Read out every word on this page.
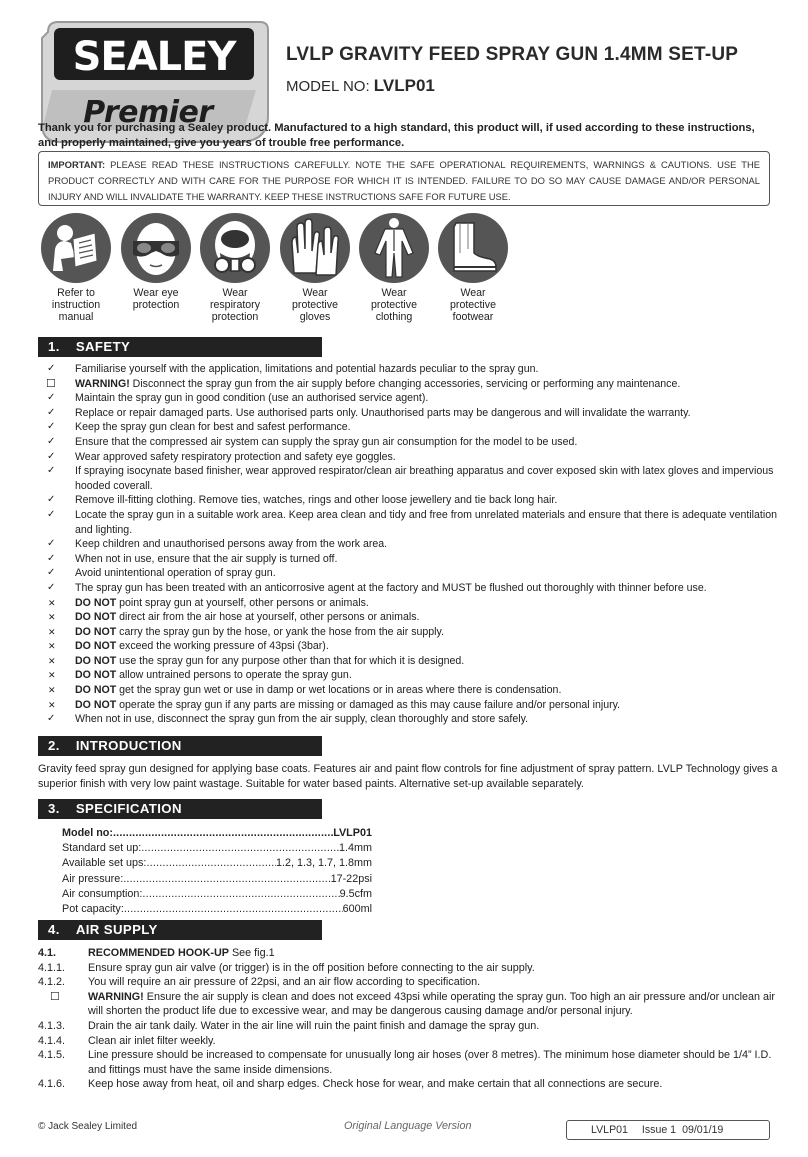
SEALEY
Premier
LVLP GRAVITY FEED SPRAY GUN 1.4MM SET-UP
MODEL NO: LVLP01
Thank you for purchasing a Sealey product. Manufactured to a high standard, this product will, if used according to these instructions, and properly maintained, give you years of trouble free performance.
IMPORTANT: PLEASE READ THESE INSTRUCTIONS CAREFULLY. NOTE THE SAFE OPERATIONAL REQUIREMENTS, WARNINGS & CAUTIONS. USE THE PRODUCT CORRECTLY AND WITH CARE FOR THE PURPOSE FOR WHICH IT IS INTENDED. FAILURE TO DO SO MAY CAUSE DAMAGE AND/OR PERSONAL INJURY AND WILL INVALIDATE THE WARRANTY. KEEP THESE INSTRUCTIONS SAFE FOR FUTURE USE.
Refer to instruction manual
Wear eye protection
Wear respiratory protection
Wear protective gloves
Wear protective clothing
Wear protective footwear
1. SAFETY
✓	Familiarise yourself with the application, limitations and potential hazards peculiar to the spray gun.
☐	WARNING! Disconnect the spray gun from the air supply before changing accessories, servicing or performing any maintenance.
✓	Maintain the spray gun in good condition (use an authorised service agent).
✓	Replace or repair damaged parts. Use authorised parts only. Unauthorised parts may be dangerous and will invalidate the warranty.
✓	Keep the spray gun clean for best and safest performance.
✓	Ensure that the compressed air system can supply the spray gun air consumption for the model to be used.
✓	Wear approved safety respiratory protection and safety eye goggles.
✓	If spraying isocynate based finisher, wear approved respirator/clean air breathing apparatus and cover exposed skin with latex gloves and impervious hooded coverall.
✓	Remove ill-fitting clothing. Remove ties, watches, rings and other loose jewellery and tie back long hair.
✓	Locate the spray gun in a suitable work area. Keep area clean and tidy and free from unrelated materials and ensure that there is adequate ventilation and lighting.
✓	Keep children and unauthorised persons away from the work area.
✓	When not in use, ensure that the air supply is turned off.
✓	Avoid unintentional operation of spray gun.
✓	The spray gun has been treated with an anticorrosive agent at the factory and MUST be flushed out thoroughly with thinner before use.
✕	DO NOT point spray gun at yourself, other persons or animals.
✕	DO NOT direct air from the air hose at yourself, other persons or animals.
✕	DO NOT carry the spray gun by the hose, or yank the hose from the air supply.
✕	DO NOT exceed the working pressure of 43psi (3bar).
✕	DO NOT use the spray gun for any purpose other than that for which it is designed.
✕	DO NOT allow untrained persons to operate the spray gun.
✕	DO NOT get the spray gun wet or use in damp or wet locations or in areas where there is condensation.
✕	DO NOT operate the spray gun if any parts are missing or damaged as this may cause failure and/or personal injury.
✓	When not in use, disconnect the spray gun from the air supply, clean thoroughly and store safely.
2. INTRODUCTION
Gravity feed spray gun designed for applying base coats. Features air and paint flow controls for fine adjustment of spray pattern. LVLP Technology gives a superior finish with very low paint wastage. Suitable for water based paints. Alternative set-up available separately.
3. SPECIFICATION
Model no: .....	LVLP01
Standard set up: .....	1.4mm
Available set ups: .....	1.2, 1.3, 1.7, 1.8mm
Air pressure: .....	17-22psi
Air consumption: .....	9.5cfm
Pot capacity: .....	600ml
4. AIR SUPPLY
4.1.	RECOMMENDED HOOK-UP See fig.1
4.1.1.	Ensure spray gun air valve (or trigger) is in the off position before connecting to the air supply.
4.1.2.	You will require an air pressure of 22psi, and an air flow according to specification.
☐	WARNING! Ensure the air supply is clean and does not exceed 43psi while operating the spray gun. Too high an air pressure and/or unclean air will shorten the product life due to excessive wear, and may be dangerous causing damage and/or personal injury.
4.1.3.	Drain the air tank daily. Water in the air line will ruin the paint finish and damage the spray gun.
4.1.4.	Clean air inlet filter weekly.
4.1.5.	Line pressure should be increased to compensate for unusually long air hoses (over 8 metres). The minimum hose diameter should be 1/4” I.D. and fittings must have the same inside dimensions.
4.1.6.	Keep hose away from heat, oil and sharp edges. Check hose for wear, and make certain that all connections are secure.
© Jack Sealey Limited	Original Language Version	LVLP01 Issue 1 09/01/19
